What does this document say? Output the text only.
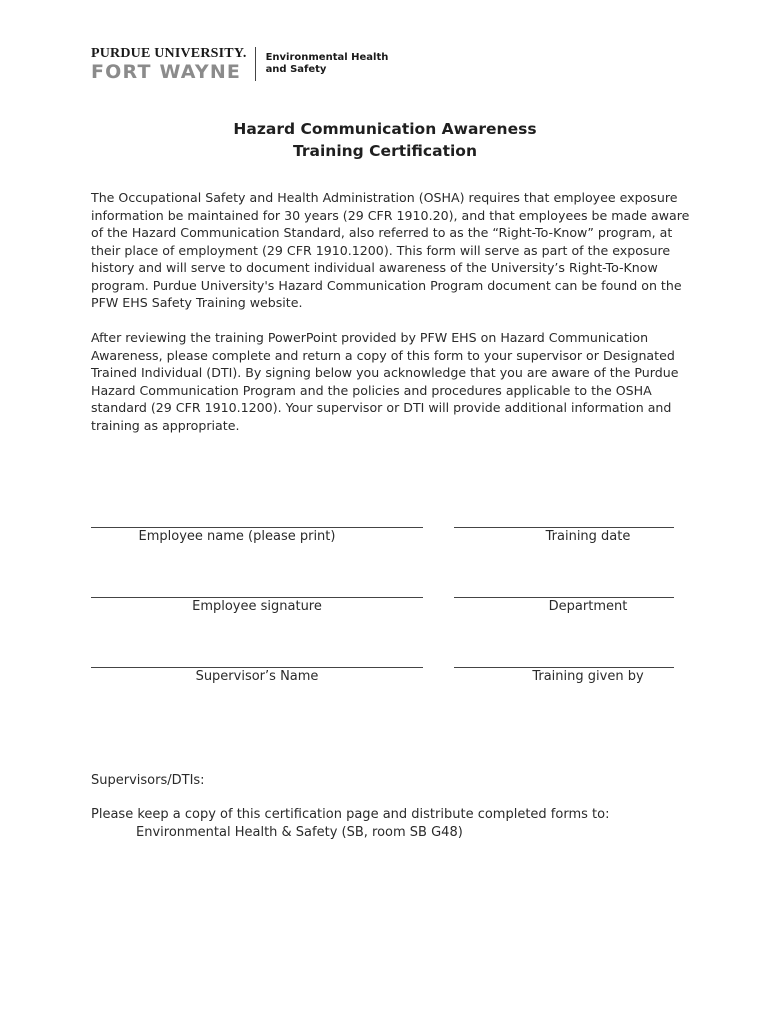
PURDUE UNIVERSITY.
FORT WAYNE
Environmental Health
and Safety
Hazard Communication Awareness
Training Certification
The Occupational Safety and Health Administration (OSHA) requires that employee exposure information be maintained for 30 years (29 CFR 1910.20), and that employees be made aware of the Hazard Communication Standard, also referred to as the “Right-To-Know” program, at their place of employment (29 CFR 1910.1200). This form will serve as part of the exposure history and will serve to document individual awareness of the University’s Right-To-Know program. Purdue University's Hazard Communication Program document can be found on the PFW EHS Safety Training website.
After reviewing the training PowerPoint provided by PFW EHS on Hazard Communication Awareness, please complete and return a copy of this form to your supervisor or Designated Trained Individual (DTI). By signing below you acknowledge that you are aware of the Purdue Hazard Communication Program and the policies and procedures applicable to the OSHA standard (29 CFR 1910.1200). Your supervisor or DTI will provide additional information and training as appropriate.
Employee name (please print)	Training date
Employee signature	Department
Supervisor’s Name	Training given by
Supervisors/DTIs:
Please keep a copy of this certification page and distribute completed forms to:
Environmental Health & Safety (SB, room SB G48)
